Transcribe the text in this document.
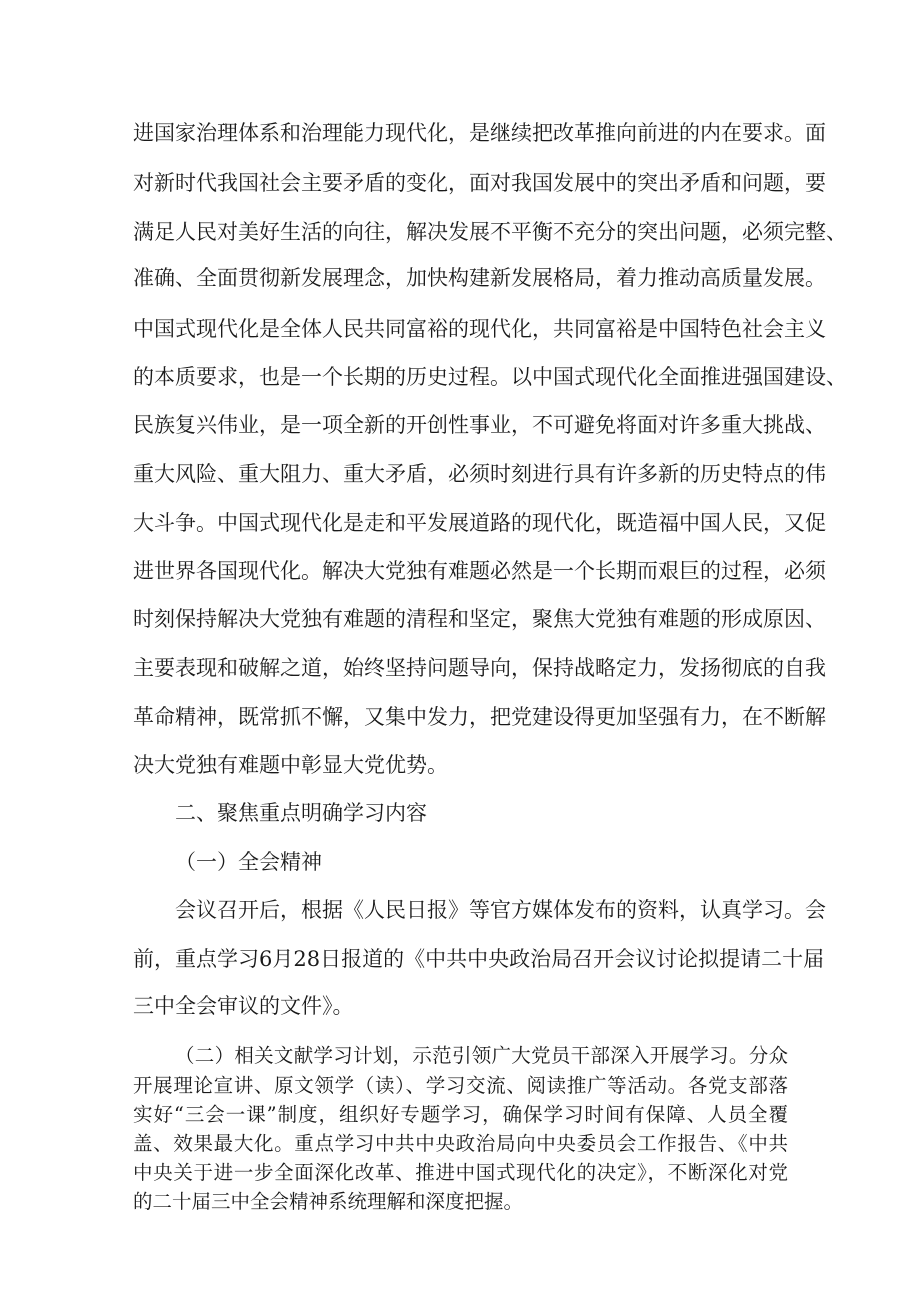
进国家治理体系和治理能力现代化，是继续把改革推向前进的内在要求。面
对新时代我国社会主要矛盾的变化，面对我国发展中的突出矛盾和问题，要
满足人民对美好生活的向往，解决发展不平衡不充分的突出问题，必须完整、
准确、全面贯彻新发展理念，加快构建新发展格局，着力推动高质量发展。
中国式现代化是全体人民共同富裕的现代化，共同富裕是中国特色社会主义
的本质要求，也是一个长期的历史过程。以中国式现代化全面推进强国建设、
民族复兴伟业，是一项全新的开创性事业，不可避免将面对许多重大挑战、
重大风险、重大阻力、重大矛盾，必须时刻进行具有许多新的历史特点的伟
大斗争。中国式现代化是走和平发展道路的现代化，既造福中国人民，又促
进世界各国现代化。解决大党独有难题必然是一个长期而艰巨的过程，必须
时刻保持解决大党独有难题的清程和坚定，聚焦大党独有难题的形成原因、
主要表现和破解之道，始终坚持问题导向，保持战略定力，发扬彻底的自我
革命精神，既常抓不懈，又集中发力，把党建设得更加坚强有力，在不断解
决大党独有难题中彰显大党优势。
二、聚焦重点明确学习内容
（一）全会精神
会议召开后，根据《人民日报》等官方媒体发布的资料，认真学习。会
前，重点学习6月28日报道的《中共中央政治局召开会议讨论拟提请二十届
三中全会审议的文件》。
（二）相关文献学习计划，示范引领广大党员干部深入开展学习。分众
开展理论宣讲、原文领学（读）、学习交流、阅读推广等活动。各党支部落
实好“三会一课”制度，组织好专题学习，确保学习时间有保障、人员全覆
盖、效果最大化。重点学习中共中央政治局向中央委员会工作报告、《中共
中央关于进一步全面深化改革、推进中国式现代化的决定》，不断深化对党
的二十届三中全会精神系统理解和深度把握。
